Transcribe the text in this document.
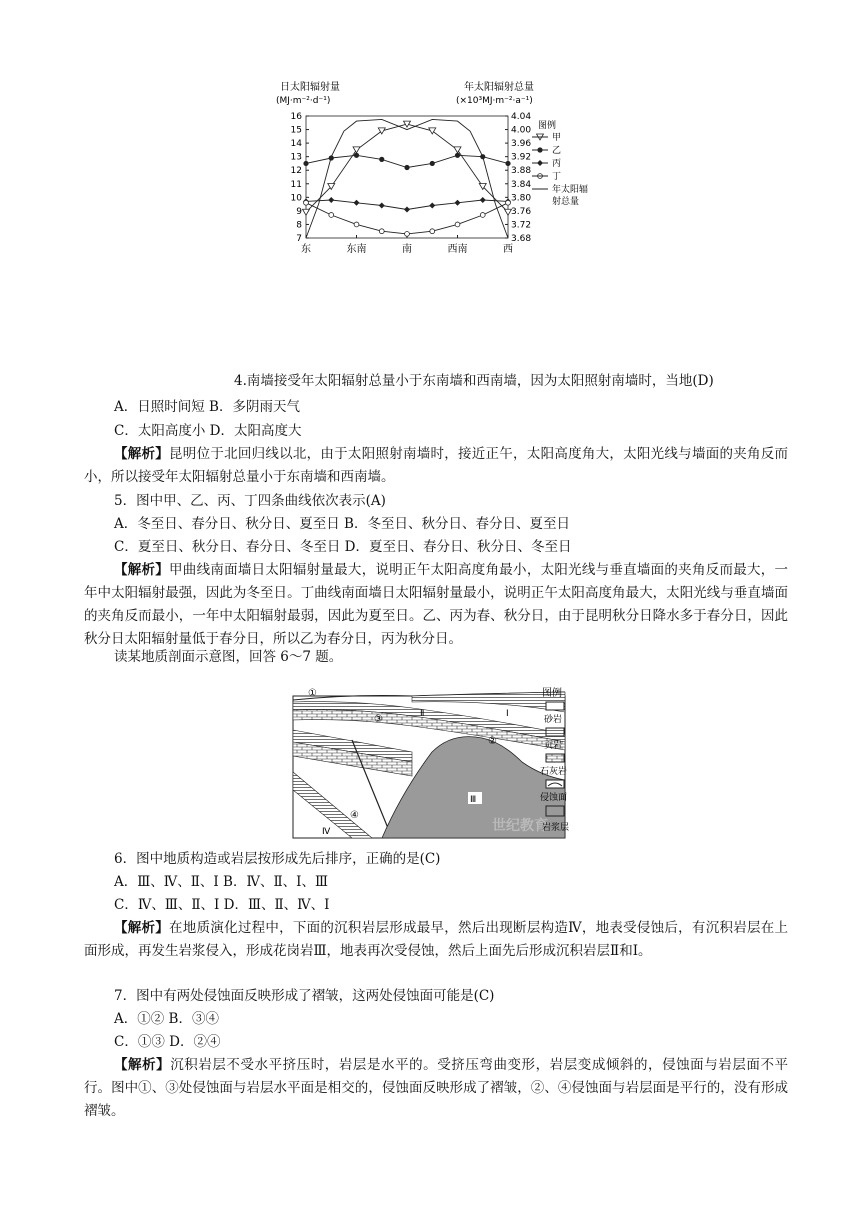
日太阳辐射量
(MJ·m⁻²·d⁻¹)
年太阳辐射总量
(×10³MJ·m⁻²·a⁻¹)
16
15
14
13
12
11
10
9
8
7
4.04
4.00
3.96
3.92
3.88
3.84
3.80
3.76
3.72
3.68
东	东南	南	西南	西
图例
甲
乙
丙
丁
年太阳辐
射总量
4.南墙接受年太阳辐射总量小于东南墙和西南墙，因为太阳照射南墙时，当地(D)
A．日照时间短 B．多阴雨天气
C．太阳高度小 D．太阳高度大
【解析】昆明位于北回归线以北，由于太阳照射南墙时，接近正午，太阳高度角大，太阳光线与墙面的夹角反而小，所以接受年太阳辐射总量小于东南墙和西南墙。
5．图中甲、乙、丙、丁四条曲线依次表示(A)
A．冬至日、春分日、秋分日、夏至日 B．冬至日、秋分日、春分日、夏至日
C．夏至日、秋分日、春分日、冬至日 D．夏至日、春分日、秋分日、冬至日
【解析】甲曲线南面墙日太阳辐射量最大，说明正午太阳高度角最小，太阳光线与垂直墙面的夹角反而最大，一年中太阳辐射最强，因此为冬至日。丁曲线南面墙日太阳辐射量最小，说明正午太阳高度角最大，太阳光线与垂直墙面的夹角反而最小，一年中太阳辐射最弱，因此为夏至日。乙、丙为春、秋分日，由于昆明秋分日降水多于春分日，因此秋分日太阳辐射量低于春分日，所以乙为春分日，丙为秋分日。
读某地质剖面示意图，回答 6～7 题。
①
②
③
④
Ⅰ
Ⅱ
Ⅲ
Ⅳ	世纪教育
图例
砂岩
页岩
石灰岩
侵蚀面
岩浆层
6．图中地质构造或岩层按形成先后排序，正确的是(C)
A．Ⅲ、Ⅳ、Ⅱ、Ⅰ B．Ⅳ、Ⅱ、Ⅰ、Ⅲ
C．Ⅳ、Ⅲ、Ⅱ、Ⅰ D．Ⅲ、Ⅱ、Ⅳ、Ⅰ
【解析】在地质演化过程中，下面的沉积岩层形成最早，然后出现断层构造Ⅳ，地表受侵蚀后，有沉积岩层在上面形成，再发生岩浆侵入，形成花岗岩Ⅲ，地表再次受侵蚀，然后上面先后形成沉积岩层Ⅱ和Ⅰ。
7．图中有两处侵蚀面反映形成了褶皱，这两处侵蚀面可能是(C)
A．①② B．③④
C．①③ D．②④
【解析】沉积岩层不受水平挤压时，岩层是水平的。受挤压弯曲变形，岩层变成倾斜的，侵蚀面与岩层面不平行。图中①、③处侵蚀面与岩层水平面是相交的，侵蚀面反映形成了褶皱，②、④侵蚀面与岩层面是平行的，没有形成褶皱。
